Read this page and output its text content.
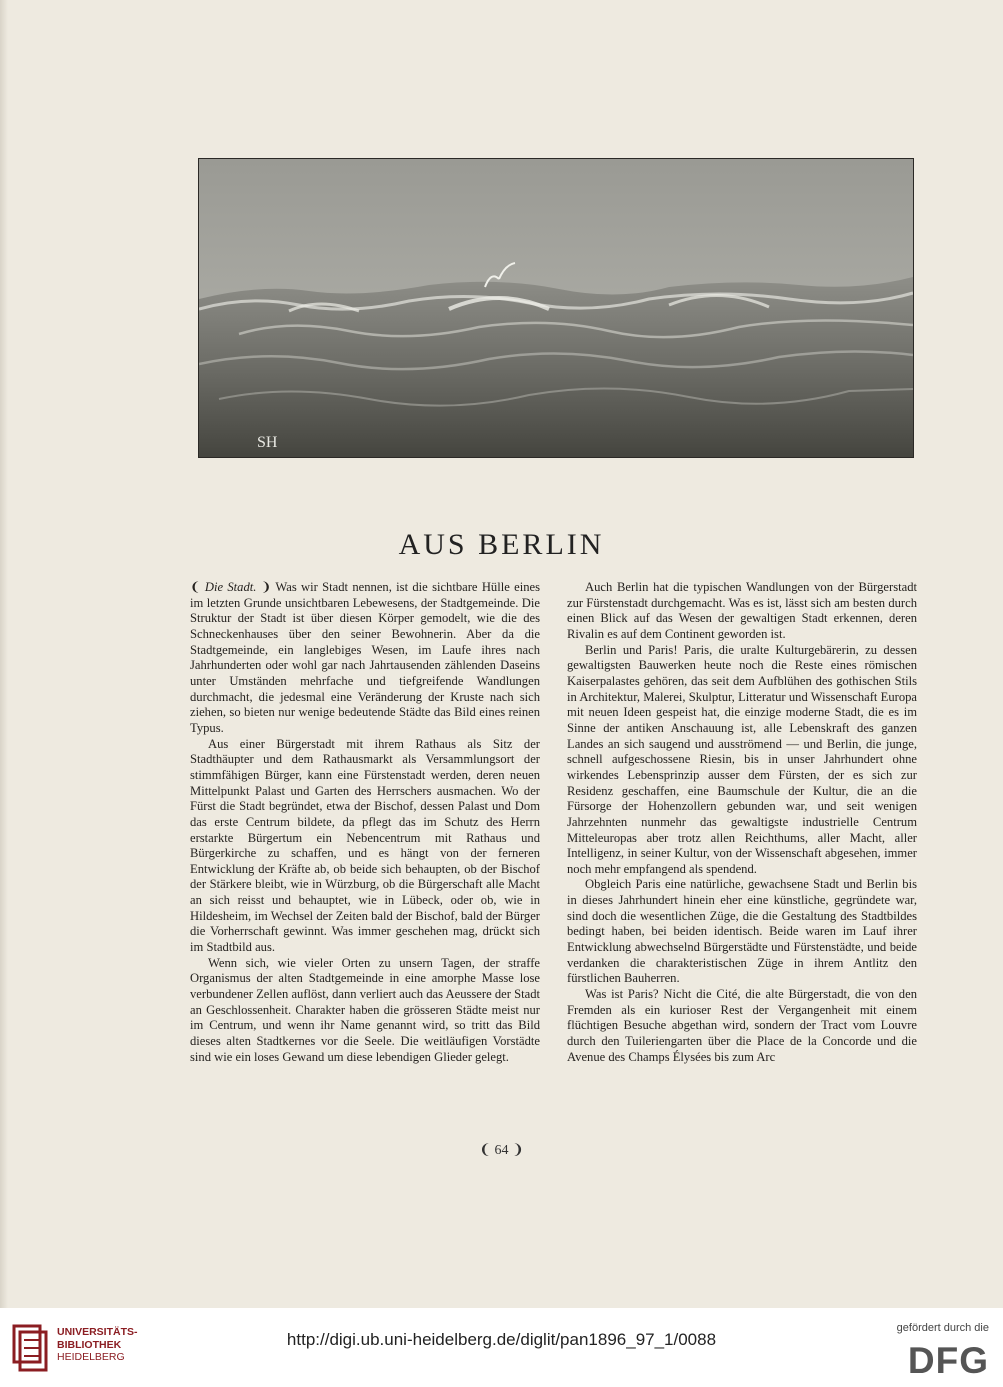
SH
AUS BERLIN

❨ Die Stadt. ❩ Was wir Stadt nennen, ist die sichtbare Hülle eines im letzten Grunde unsichtbaren Lebewesens, der Stadtgemeinde. Die Struktur der Stadt ist über diesen Körper gemodelt, wie die des Schneckenhauses über den seiner Bewohnerin. Aber da die Stadtgemeinde, ein langlebiges Wesen, im Laufe ihres nach Jahrhunderten oder wohl gar nach Jahrtausenden zählenden Daseins unter Umständen mehrfache und tiefgreifende Wandlungen durchmacht, die jedesmal eine Veränderung der Kruste nach sich ziehen, so bieten nur wenige bedeutende Städte das Bild eines reinen Typus.

Aus einer Bürgerstadt mit ihrem Rathaus als Sitz der Stadthäupter und dem Rathausmarkt als Versammlungsort der stimmfähigen Bürger, kann eine Fürstenstadt werden, deren neuen Mittelpunkt Palast und Garten des Herrschers ausmachen. Wo der Fürst die Stadt begründet, etwa der Bischof, dessen Palast und Dom das erste Centrum bildete, da pflegt das im Schutz des Herrn erstarkte Bürgertum ein Nebencentrum mit Rathaus und Bürgerkirche zu schaffen, und es hängt von der ferneren Entwicklung der Kräfte ab, ob beide sich behaupten, ob der Bischof der Stärkere bleibt, wie in Würzburg, ob die Bürgerschaft alle Macht an sich reisst und behauptet, wie in Lübeck, oder ob, wie in Hildesheim, im Wechsel der Zeiten bald der Bischof, bald der Bürger die Vorherrschaft gewinnt. Was immer geschehen mag, drückt sich im Stadtbild aus.

Wenn sich, wie vieler Orten zu unsern Tagen, der straffe Organismus der alten Stadtgemeinde in eine amorphe Masse lose verbundener Zellen auflöst, dann verliert auch das Aeussere der Stadt an Geschlossenheit. Charakter haben die grösseren Städte meist nur im Centrum, und wenn ihr Name genannt wird, so tritt das Bild dieses alten Stadtkernes vor die Seele. Die weitläufigen Vorstädte sind wie ein loses Gewand um diese lebendigen Glieder gelegt.

Auch Berlin hat die typischen Wandlungen von der Bürgerstadt zur Fürstenstadt durchgemacht. Was es ist, lässt sich am besten durch einen Blick auf das Wesen der gewaltigen Stadt erkennen, deren Rivalin es auf dem Continent geworden ist.

Berlin und Paris! Paris, die uralte Kulturgebärerin, zu dessen gewaltigsten Bauwerken heute noch die Reste eines römischen Kaiserpalastes gehören, das seit dem Aufblühen des gothischen Stils in Architektur, Malerei, Skulptur, Litteratur und Wissenschaft Europa mit neuen Ideen gespeist hat, die einzige moderne Stadt, die es im Sinne der antiken Anschauung ist, alle Lebenskraft des ganzen Landes an sich saugend und ausströmend — und Berlin, die junge, schnell aufgeschossene Riesin, bis in unser Jahrhundert ohne wirkendes Lebensprinzip ausser dem Fürsten, der es sich zur Residenz geschaffen, eine Baumschule der Kultur, die an die Fürsorge der Hohenzollern gebunden war, und seit wenigen Jahrzehnten nunmehr das gewaltigste industrielle Centrum Mitteleuropas aber trotz allen Reichthums, aller Macht, aller Intelligenz, in seiner Kultur, von der Wissenschaft abgesehen, immer noch mehr empfangend als spendend.

Obgleich Paris eine natürliche, gewachsene Stadt und Berlin bis in dieses Jahrhundert hinein eher eine künstliche, gegründete war, sind doch die wesentlichen Züge, die die Gestaltung des Stadtbildes bedingt haben, bei beiden identisch. Beide waren im Lauf ihrer Entwicklung abwechselnd Bürgerstädte und Fürstenstädte, und beide verdanken die charakteristischen Züge in ihrem Antlitz den fürstlichen Bauherren.

Was ist Paris? Nicht die Cité, die alte Bürgerstadt, die von den Fremden als ein kurioser Rest der Vergangenheit mit einem flüchtigen Besuche abgethan wird, sondern der Tract vom Louvre durch den Tuileriengarten über die Place de la Concorde und die Avenue des Champs Élysées bis zum Arc

❨ 64 ❩
UNIVERSITÄTS-
BIBLIOTHEK
HEIDELBERG
http://digi.ub.uni-heidelberg.de/diglit/pan1896_97_1/0088
gefördert durch die
DFG
